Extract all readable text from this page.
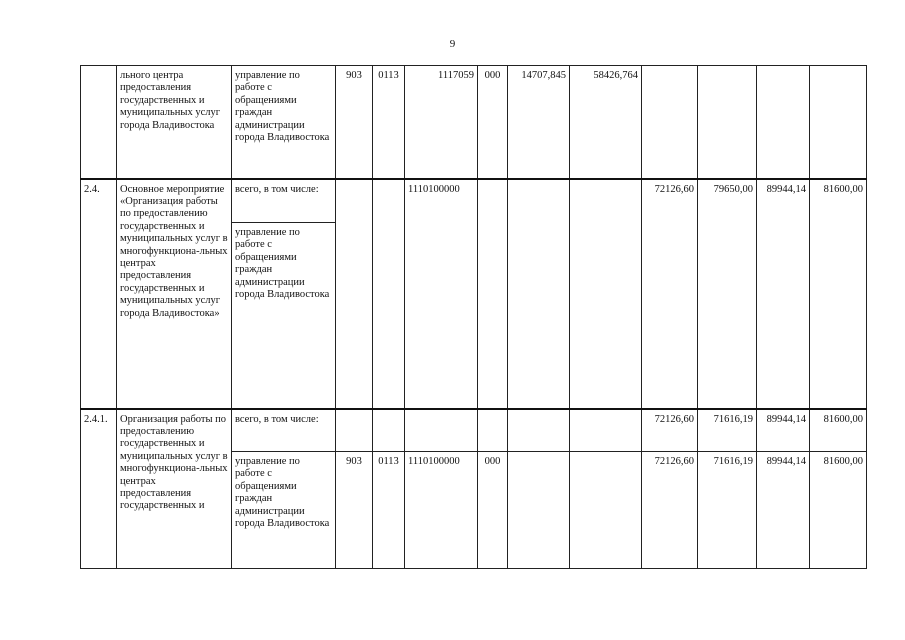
9
	льного центра предоставления государственных и муниципальных услуг города Владивостока	управление по работе с обращениями граждан администрации города Владивостока	903	0113	1117059	000	14707,845	58426,764				
2.4.	Основное мероприятие «Организация работы по предоставлению государственных и муниципальных услуг в многофункциона-льных центрах предоставления государственных и муниципальных услуг города Владивостока»	всего, в том числе:			1110100000				72126,60	79650,00	89944,14	81600,00
		управление по работе с обращениями граждан администрации города Владивостока										
2.4.1.	Организация работы по предоставлению государственных и муниципальных услуг в многофункциона-льных центрах предоставления государственных и	всего, в том числе:							72126,60	71616,19	89944,14	81600,00
		управление по работе с обращениями граждан администрации города Владивостока	903	0113	1110100000	000			72126,60	71616,19	89944,14	81600,00
